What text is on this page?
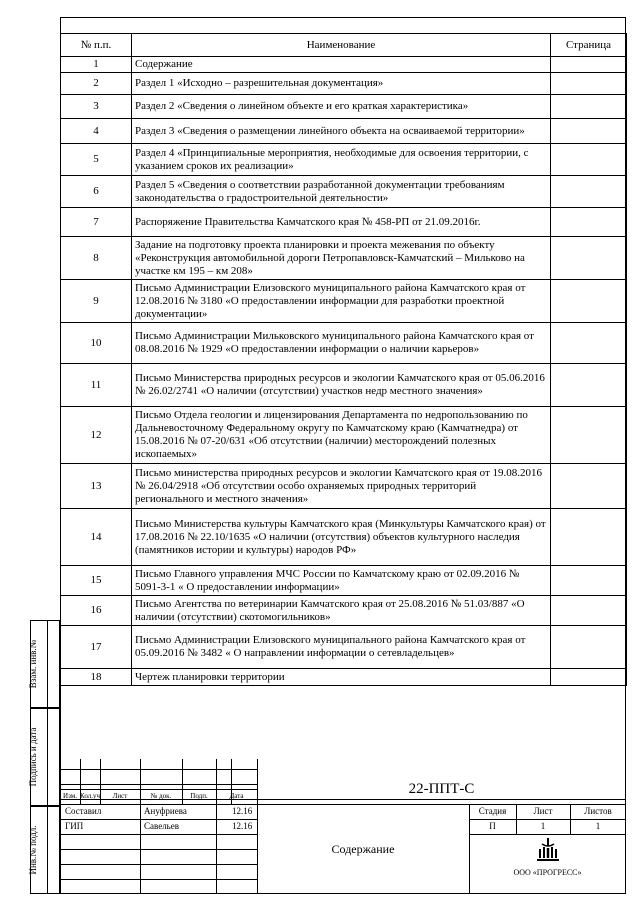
№ п.п.	Наименование	Страница
1	Содержание	
2	Раздел 1 «Исходно – разрешительная документация»	
3	Раздел 2 «Сведения о линейном объекте и его краткая характеристика»	
4	Раздел 3 «Сведения о размещении линейного объекта на осваиваемой территории»	
5	Раздел 4 «Принципиальные мероприятия, необходимые для освоения территории, с указанием сроков их реализации»	
6	Раздел 5 «Сведения о соответствии разработанной документации требованиям законодательства о градостроительной деятельности»	
7	Распоряжение Правительства Камчатского края № 458-РП от 21.09.2016г.	
8	Задание на подготовку проекта планировки и проекта межевания по объекту «Реконструкция автомобильной дороги Петропавловск-Камчатский – Мильково на участке км 195 – км 208»	
9	Письмо Администрации Елизовского муниципального района Камчатского края от 12.08.2016 № 3180 «О предоставлении информации для разработки проектной документации»	
10	Письмо Администрации Мильковского муниципального района Камчатского края от 08.08.2016 № 1929 «О предоставлении информации о наличии карьеров»	
11	Письмо Министерства природных ресурсов и экологии Камчатского края от 05.06.2016 № 26.02/2741 «О наличии (отсутствии) участков недр местного значения»	
12	Письмо Отдела геологии и лицензирования Департамента по недропользованию по Дальневосточному Федеральному округу по Камчатскому краю (Камчатнедра) от 15.08.2016 № 07-20/631 «Об отсутствии (наличии) месторождений полезных ископаемых»	
13	Письмо министерства природных ресурсов и экологии Камчатского края от 19.08.2016 № 26.04/2918 «Об отсутствии особо охраняемых природных территорий регионального и местного значения»	
14	Письмо Министерства культуры Камчатского края (Минкультуры Камчатского края) от 17.08.2016 № 22.10/1635 «О наличии (отсутствия) объектов культурного наследия (памятников истории и культуры) народов РФ»	
15	Письмо Главного управления МЧС России по Камчатскому краю от 02.09.2016 № 5091-3-1 « О предоставлении информации»	
16	Письмо Агентства по ветеринарии Камчатского края от 25.08.2016 № 51.03/887 «О наличии (отсутствии) скотомогильников»	
17	Письмо Администрации Елизовского муниципального района Камчатского края от 05.09.2016 № 3482 « О направлении информации о сетевладельцев»	
18	Чертеж планировки территории	
Изм. Кол.уч	Лист	№ док.	Подп.	Дата
Составил	Ануфриева	12.16
ГИП	Савельев	12.16
22-ППТ-С
Содержание
Стадия	Лист	Листов
П	1	1
ООО «ПРОГРЕСС»
Взам. инв.№
Подпись и дата
Инв.№ подл.
